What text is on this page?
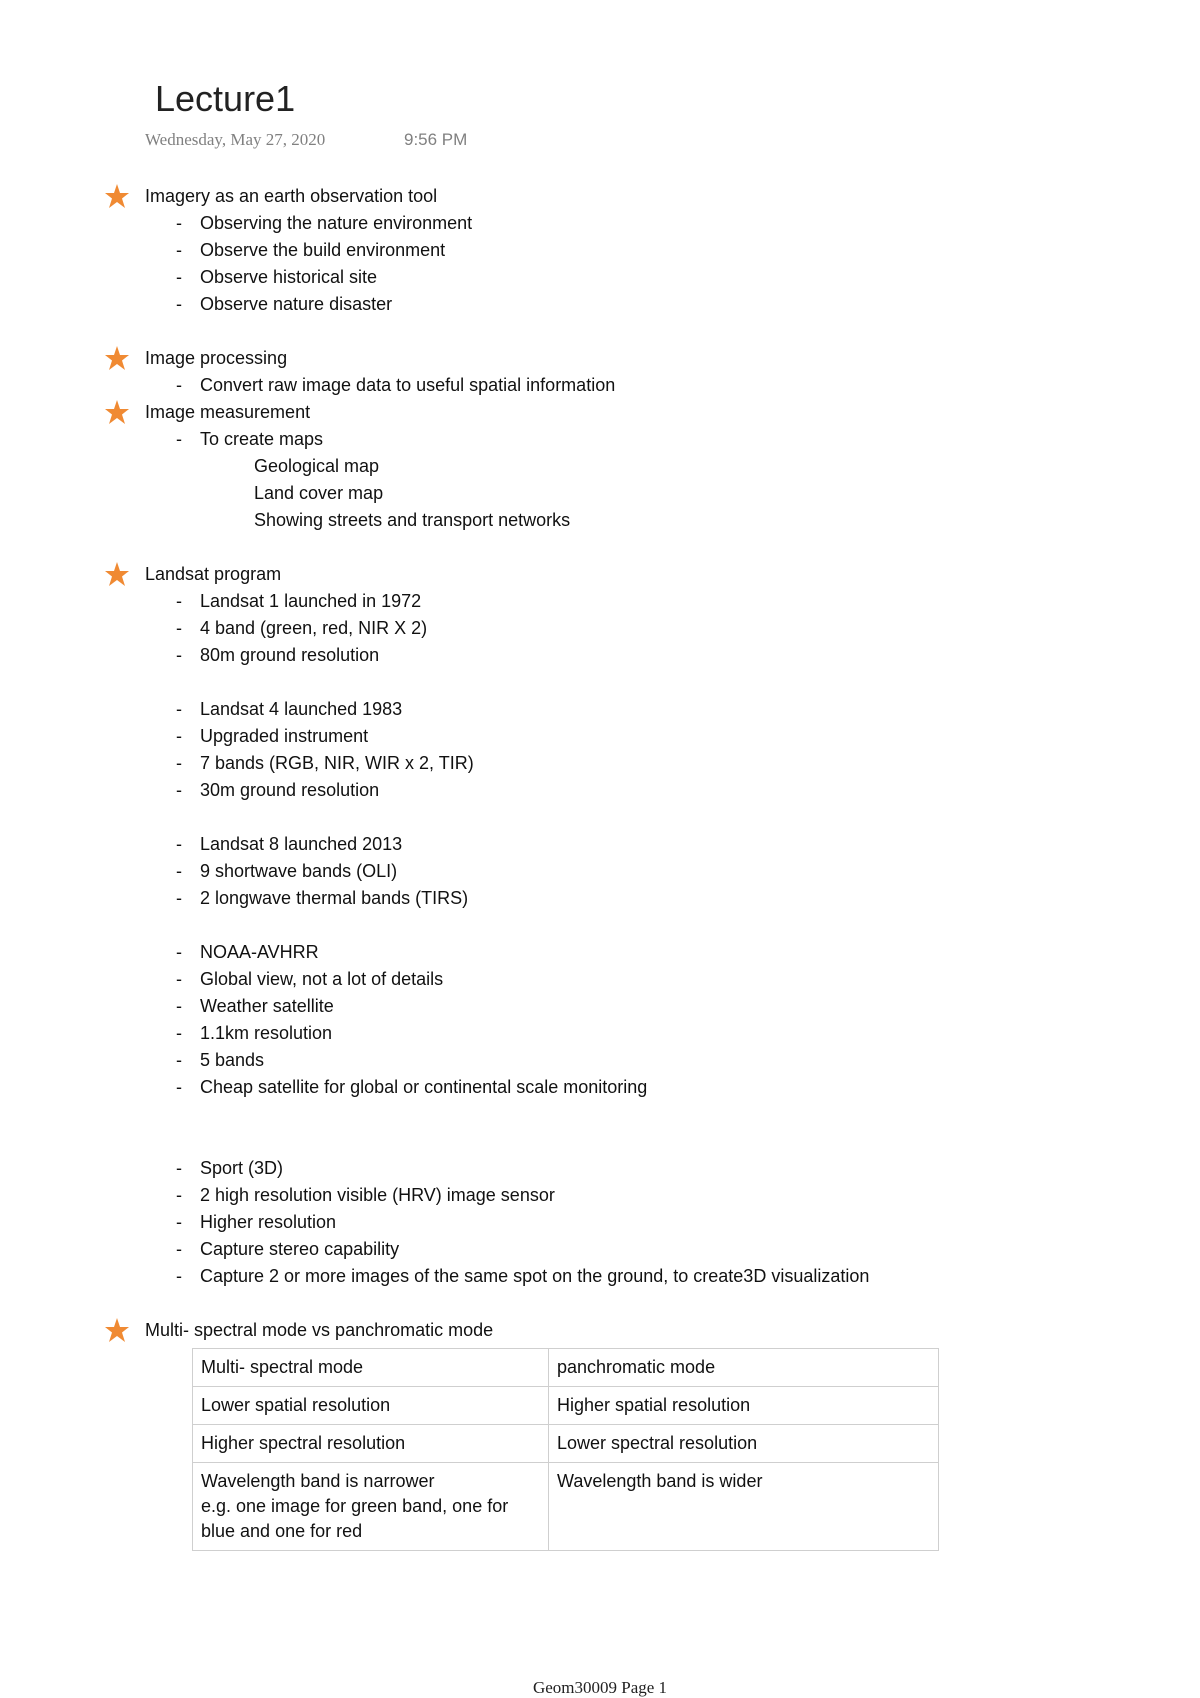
Lecture1
Wednesday, May 27, 2020	9:56 PM
Imagery as an earth observation tool
- Observing the nature environment
- Observe the build environment
- Observe historical site
- Observe nature disaster
Image processing
- Convert raw image data to useful spatial information
Image measurement
- To create maps
Geological map
Land cover map
Showing streets and transport networks
Landsat program
- Landsat 1 launched in 1972
- 4 band (green, red, NIR X 2)
- 80m ground resolution
- Landsat 4 launched 1983
- Upgraded instrument
- 7 bands (RGB, NIR, WIR x 2, TIR)
- 30m ground resolution
- Landsat 8 launched 2013
- 9 shortwave bands (OLI)
- 2 longwave thermal bands (TIRS)
- NOAA-AVHRR
- Global view, not a lot of details
- Weather satellite
- 1.1km resolution
- 5 bands
- Cheap satellite for global or continental scale monitoring
- Sport (3D)
- 2 high resolution visible (HRV) image sensor
- Higher resolution
- Capture stereo capability
- Capture 2 or more images of the same spot on the ground, to create3D visualization
Multi- spectral mode vs panchromatic mode
Multi- spectral mode	panchromatic mode
Lower spatial resolution	Higher spatial resolution
Higher spectral resolution	Lower spectral resolution
Wavelength band is narrower
e.g. one image for green band, one for blue and one for red	Wavelength band is wider
Geom30009 Page 1
